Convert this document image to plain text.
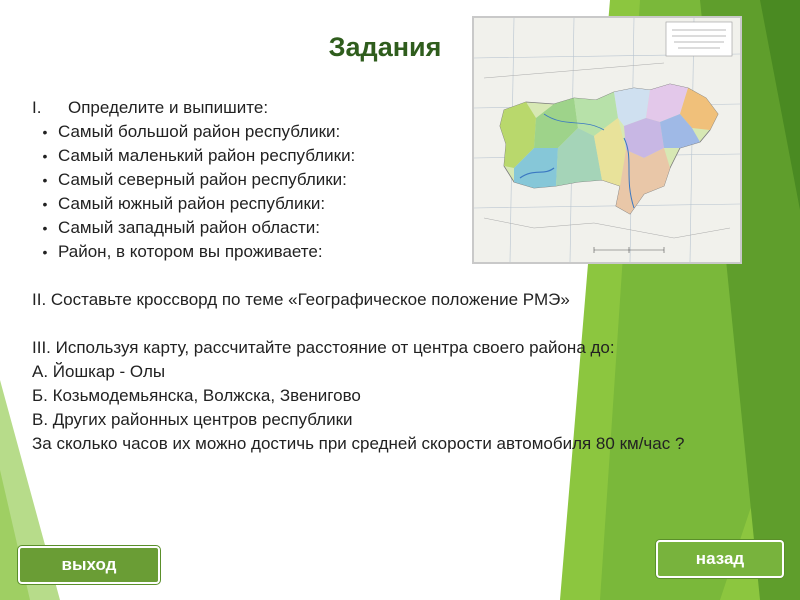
Задания
I.	Определите и выпишите:
• Самый большой район республики:
• Самый маленький район республики:
• Самый северный район республики:
• Самый южный район республики:
• Самый западный район области:
• Район, в котором вы проживаете:

II. Составьте кроссворд по теме «Географическое положение РМЭ»

III. Используя карту, рассчитайте расстояние от центра своего района до:

А. Йошкар - Олы

Б. Козьмодемьянска, Волжска, Звенигово

В. Других районных центров республики

За сколько часов их можно достичь при средней скорости автомобиля 80 км/час ?

выход	назад
